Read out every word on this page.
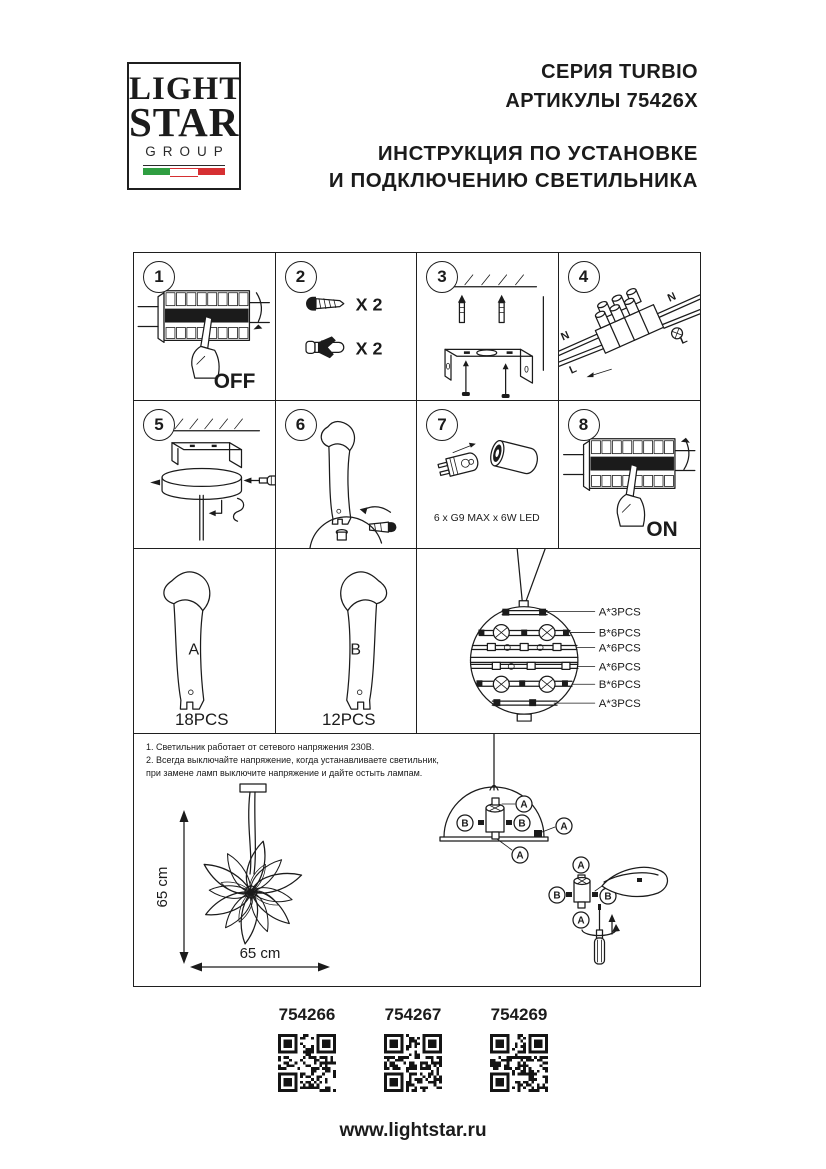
LIGHT
STAR
GROUP
СЕРИЯ TURBIO
АРТИКУЛЫ 75426X
ИНСТРУКЦИЯ ПО УСТАНОВКЕ
И ПОДКЛЮЧЕНИЮ СВЕТИЛЬНИКА
1
OFF
2
X 2
X 2
3	4
N
L
N
L
5	6	7
6 x G9 MAX x 6W LED
8
ON
A
18PCS
B
12PCS
A*3PCS
B*6PCS
A*6PCS
A*6PCS
B*6PCS
A*3PCS
1. Светильник работает от сетевого напряжения 230В.
2. Всегда выключайте напряжение, когда устанавливаете светильник,
при замене ламп выключите напряжение и дайте остыть лампам.
65 cm
65 cm
A
B	B	A
A
A
B	B
A
754266	754267	754269
www.lightstar.ru
